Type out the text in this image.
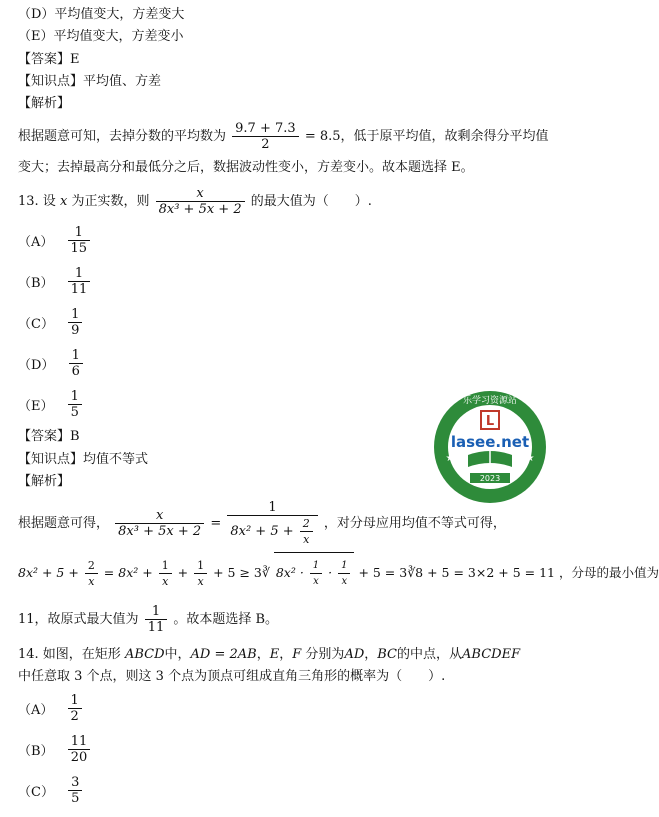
（D）平均值变大，方差变大
（E）平均值变大，方差变小
【答案】E
【知识点】平均值、方差
【解析】
根据题意可知，去掉分数的平均数为 $\frac{9.7 + 7.3}{2} = 8.5$，低于原平均值，故剩余得分平均值
变大；去掉最高分和最低分之后，数据波动性变小，方差变小。故本题选择 E。
13. 设 x 为正实数，则 $\frac{x}{\text{8x³ + 5x + 2}}$ 的最大值为（　　）.
$(A) \frac{1}{15}$
$(B) \frac{1}{11}$
$(C) \frac{1}{9}$
$(D) \frac{1}{6}$
$(E) \frac{1}{5}$
【答案】B
【知识点】均值不等式
【解析】
根据题意可得， $\frac{x}{\text{8x³ + 5x + 2}} = \frac{1}{8x^2 + 5 + \frac{2}{x}}$ ，对分母应用均值不等式可得，
$8x^2 + 5 + \frac{2}{x} = 8x^2 + \frac{1}{x} + \frac{1}{x} + 5$ ≥ 3∛ $8x^2 \cdot \frac{1}{x} \cdot \frac{1}{x} + 5$ = 3∛8 + 5 = 3×2 + 5 = 11 ，分母的最小值为
11，故原式最大值为 $\frac{1}{11}$ 。故本题选择 B。
14. 如图，在矩形 ABCD中，AD = 2AB，E，F 分别为AD，BC的中点，从ABCDEF
中任意取 3 个点，则这 3 个点为顶点可组成直角三角形的概率为（　　）.
$(A) \frac{1}{2}$
$(B) \frac{11}{20}$
$(C) \frac{3}{5}$
乐学习资源站
L
lasee.net
2023
★	★
